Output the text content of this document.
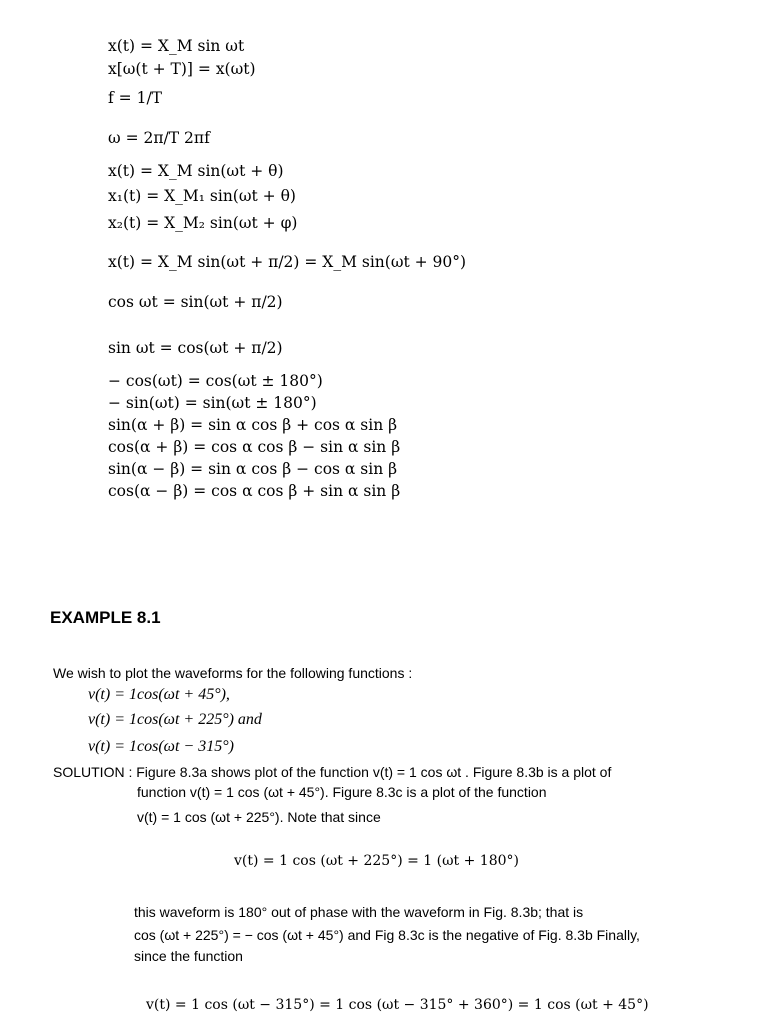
x(t) = X_M sin ωt
x[ω(t + T)] = x(ωt)
f = 1/T
ω = 2π/T 2πf
x(t) = X_M sin(ωt + θ)
x₁(t) = X_M₁ sin(ωt + θ)
x₂(t) = X_M₂ sin(ωt + φ)
x(t) = X_M sin(ωt + π/2) = X_M sin(ωt + 90°)
cos ωt = sin(ωt + π/2)
sin ωt = cos(ωt + π/2)
− cos(ωt) = cos(ωt ± 180°)
− sin(ωt) = sin(ωt ± 180°)
sin(α + β) = sin α cos β + cos α sin β
cos(α + β) = cos α cos β − sin α sin β
sin(α − β) = sin α cos β − cos α sin β
cos(α − β) = cos α cos β + sin α sin β
EXAMPLE 8.1
We wish to plot the waveforms for the following functions :
v(t) = 1cos(ωt + 45°),
v(t) = 1cos(ωt + 225°) and
v(t) = 1cos(ωt − 315°)
SOLUTION : Figure 8.3a shows plot of the function v(t) = 1 cos ωt . Figure 8.3b is a plot of
function v(t) = 1 cos (ωt + 45°). Figure 8.3c is a plot of the function
v(t) = 1 cos (ωt + 225°). Note that since
v(t) = 1 cos (ωt + 225°) = 1 (ωt + 180°)
this waveform is 180° out of phase with the waveform in Fig. 8.3b; that is
cos (ωt + 225°) = − cos (ωt + 45°) and Fig 8.3c is the negative of Fig. 8.3b Finally,
since the function
v(t) = 1 cos (ωt − 315°) = 1 cos (ωt − 315° + 360°) = 1 cos (ωt + 45°)
